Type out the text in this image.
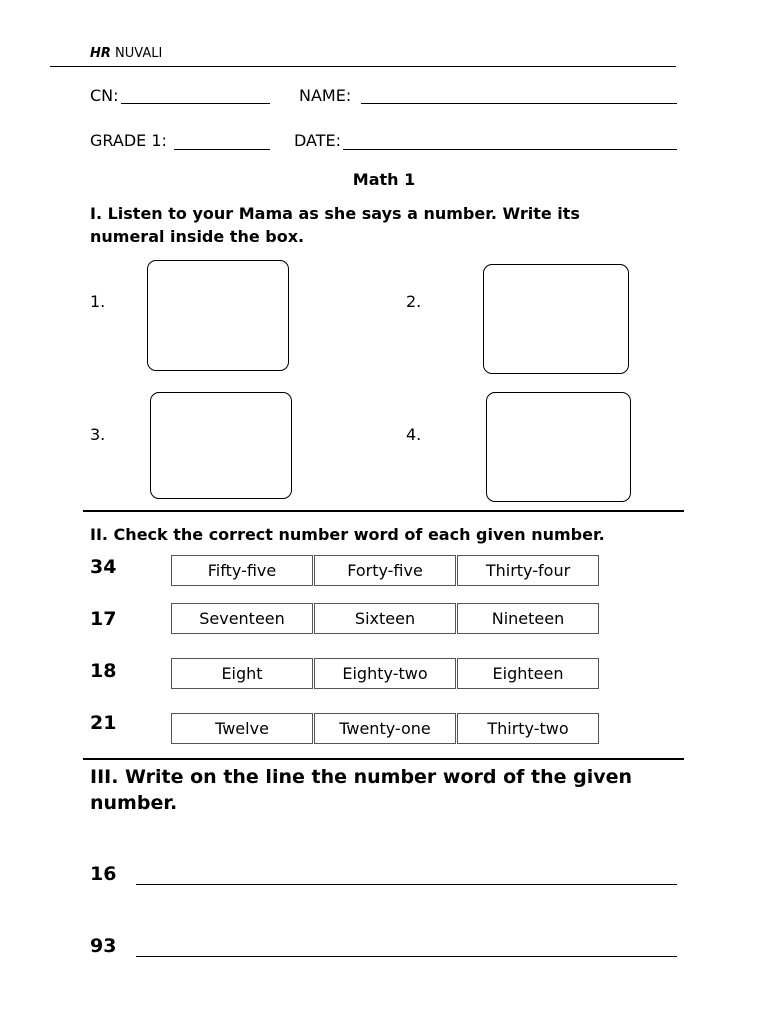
HR NUVALI
CN:	NAME:
GRADE 1:	DATE:
Math 1
I. Listen to your Mama as she says a number. Write its numeral inside the box.
1.	2.
3.	4.
II. Check the correct number word of each given number.
34	Fifty-five	Forty-five	Thirty-four
17	Seventeen	Sixteen	Nineteen
18	Eight	Eighty-two	Eighteen
21	Twelve	Twenty-one	Thirty-two
III. Write on the line the number word of the given number.
16
93
